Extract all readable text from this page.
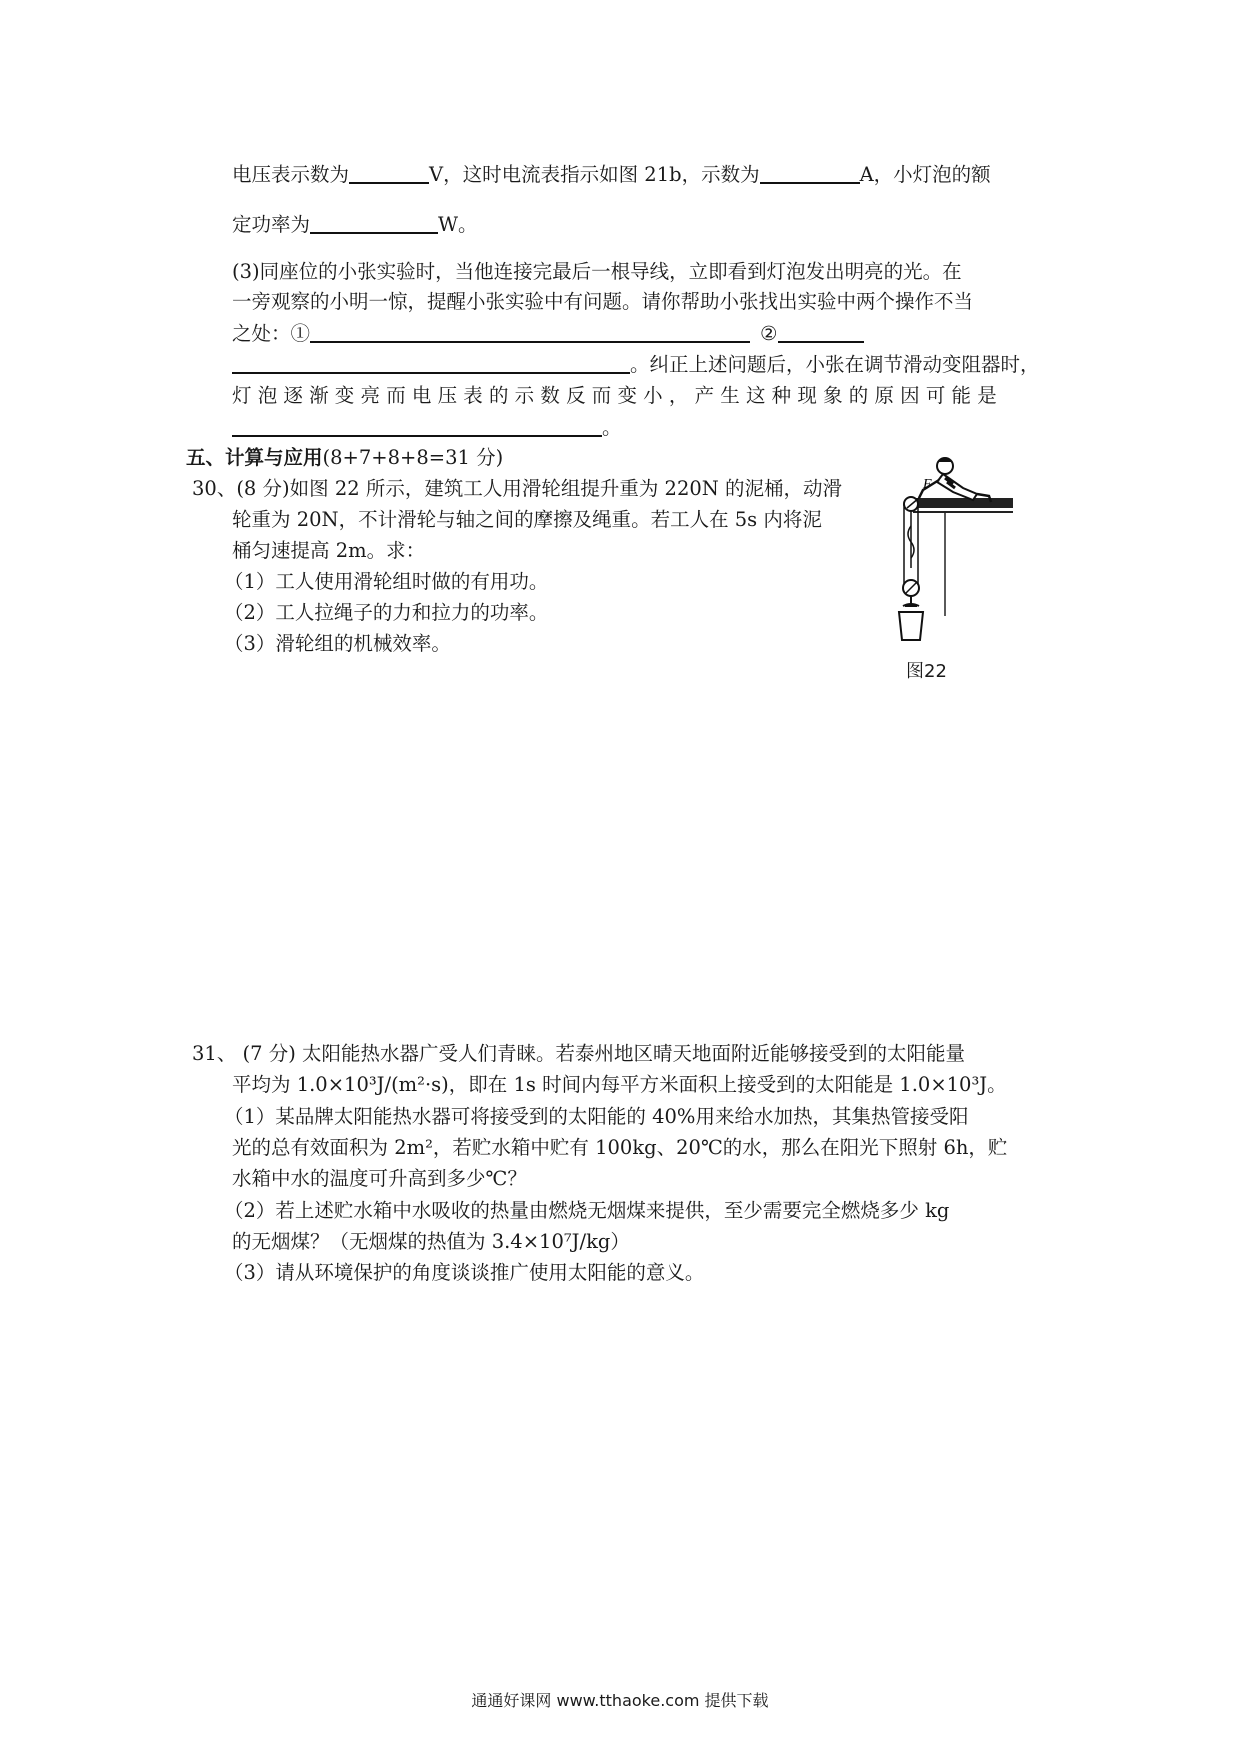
电压表示数为	V，这时电流表指示如图 21b，示数为	A，小灯泡的额
定功率为	W。
(3)同座位的小张实验时，当他连接完最后一根导线，立即看到灯泡发出明亮的光。在
一旁观察的小明一惊，提醒小张实验中有问题。请你帮助小张找出实验中两个操作不当
之处：①	②
。纠正上述问题后，小张在调节滑动变阻器时，
灯 泡 逐 渐 变 亮 而 电 压 表 的 示 数 反 而 变 小 ， 产 生 这 种 现 象 的 原 因 可 能 是
。
五、计算与应用(8+7+8+8=31 分)
30、(8 分)如图 22 所示，建筑工人用滑轮组提升重为 220N 的泥桶，动滑
轮重为 20N，不计滑轮与轴之间的摩擦及绳重。若工人在 5s 内将泥
桶匀速提高 2m。求：
（1）工人使用滑轮组时做的有用功。
（2）工人拉绳子的力和拉力的功率。
（3）滑轮组的机械效率。
F
图22
31、 (7 分) 太阳能热水器广受人们青睐。若泰州地区晴天地面附近能够接受到的太阳能量
平均为 1.0×10³J/(m²·s)，即在 1s 时间内每平方米面积上接受到的太阳能是 1.0×10³J。
（1）某品牌太阳能热水器可将接受到的太阳能的 40%用来给水加热，其集热管接受阳
光的总有效面积为 2m²，若贮水箱中贮有 100kg、20℃的水，那么在阳光下照射 6h，贮
水箱中水的温度可升高到多少℃？
（2）若上述贮水箱中水吸收的热量由燃烧无烟煤来提供，至少需要完全燃烧多少 kg
的无烟煤？（无烟煤的热值为 3.4×10⁷J/kg）
（3）请从环境保护的角度谈谈推广使用太阳能的意义。
通通好课网 www.tthaoke.com 提供下载
